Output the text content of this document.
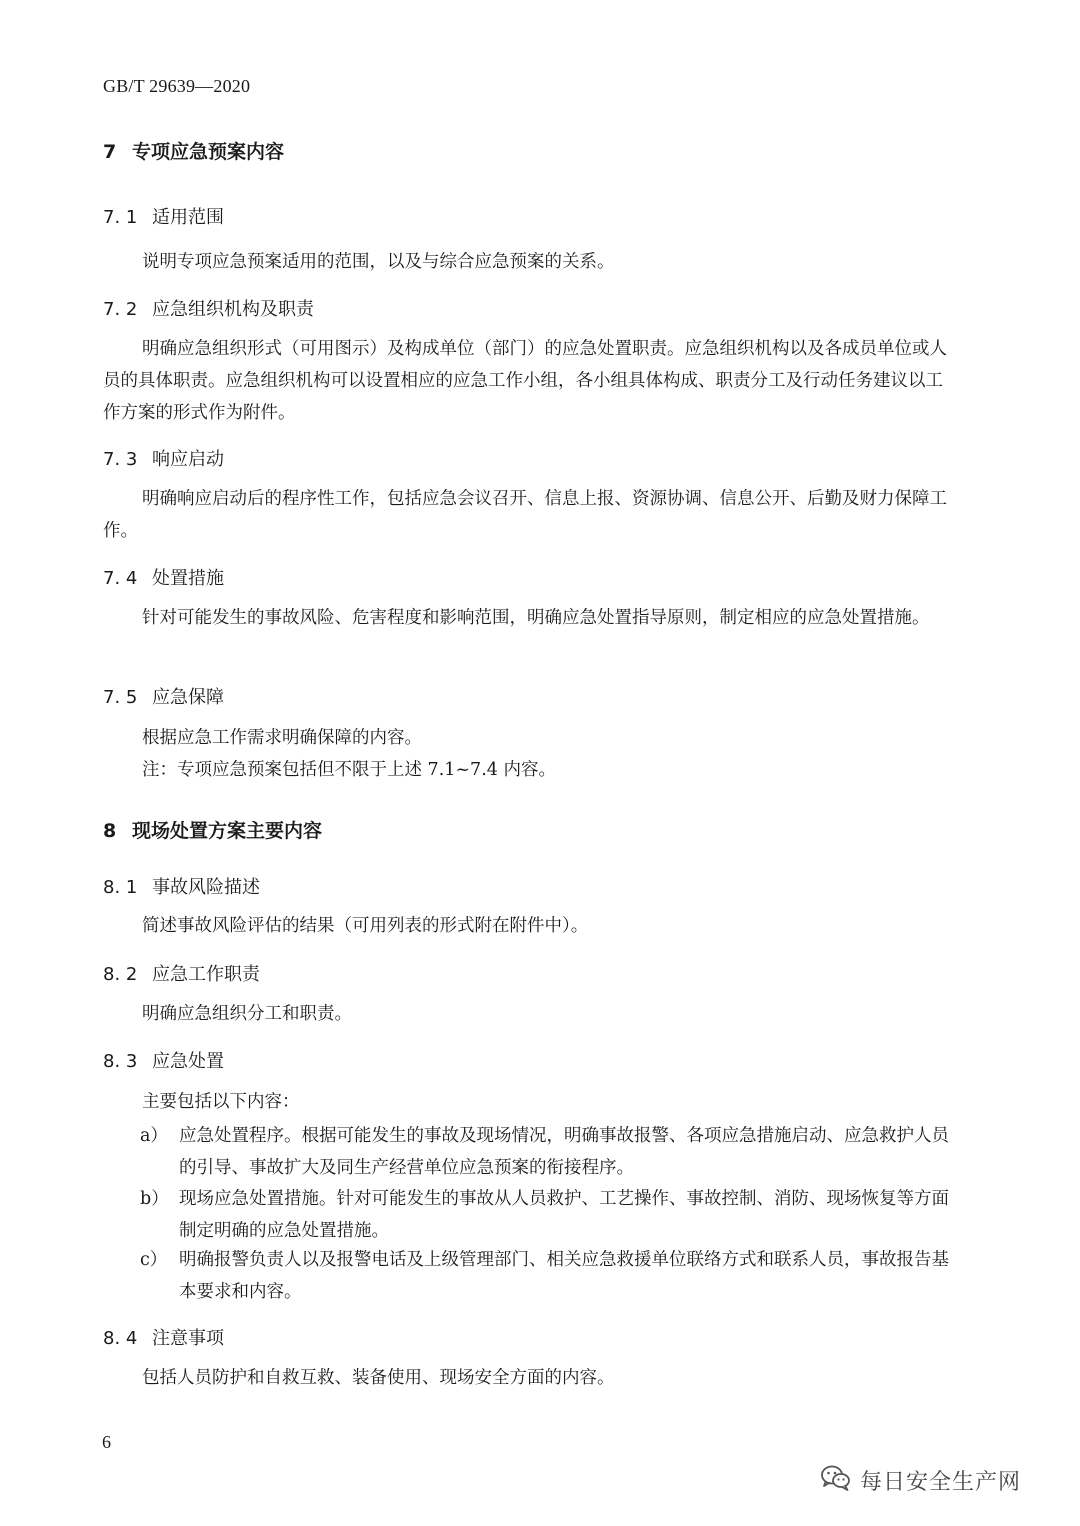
GB/T 29639—2020
7 专项应急预案内容
7. 1 适用范围
说明专项应急预案适用的范围，以及与综合应急预案的关系。
7. 2 应急组织机构及职责
明确应急组织形式（可用图示）及构成单位（部门）的应急处置职责。应急组织机构以及各成员单位或人员的具体职责。应急组织机构可以设置相应的应急工作小组，各小组具体构成、职责分工及行动任务建议以工作方案的形式作为附件。
7. 3 响应启动
明确响应启动后的程序性工作，包括应急会议召开、信息上报、资源协调、信息公开、后勤及财力保障工作。
7. 4 处置措施
针对可能发生的事故风险、危害程度和影响范围，明确应急处置指导原则，制定相应的应急处置措施。
7. 5 应急保障
根据应急工作需求明确保障的内容。
注：专项应急预案包括但不限于上述 7.1~7.4 内容。
8 现场处置方案主要内容
8. 1 事故风险描述
简述事故风险评估的结果（可用列表的形式附在附件中）。
8. 2 应急工作职责
明确应急组织分工和职责。
8. 3 应急处置
主要包括以下内容：
a） 应急处置程序。根据可能发生的事故及现场情况，明确事故报警、各项应急措施启动、应急救护人员的引导、事故扩大及同生产经营单位应急预案的衔接程序。
b） 现场应急处置措施。针对可能发生的事故从人员救护、工艺操作、事故控制、消防、现场恢复等方面制定明确的应急处置措施。
c） 明确报警负责人以及报警电话及上级管理部门、相关应急救援单位联络方式和联系人员，事故报告基本要求和内容。
8. 4 注意事项
包括人员防护和自救互救、装备使用、现场安全方面的内容。
6
每日安全生产网
